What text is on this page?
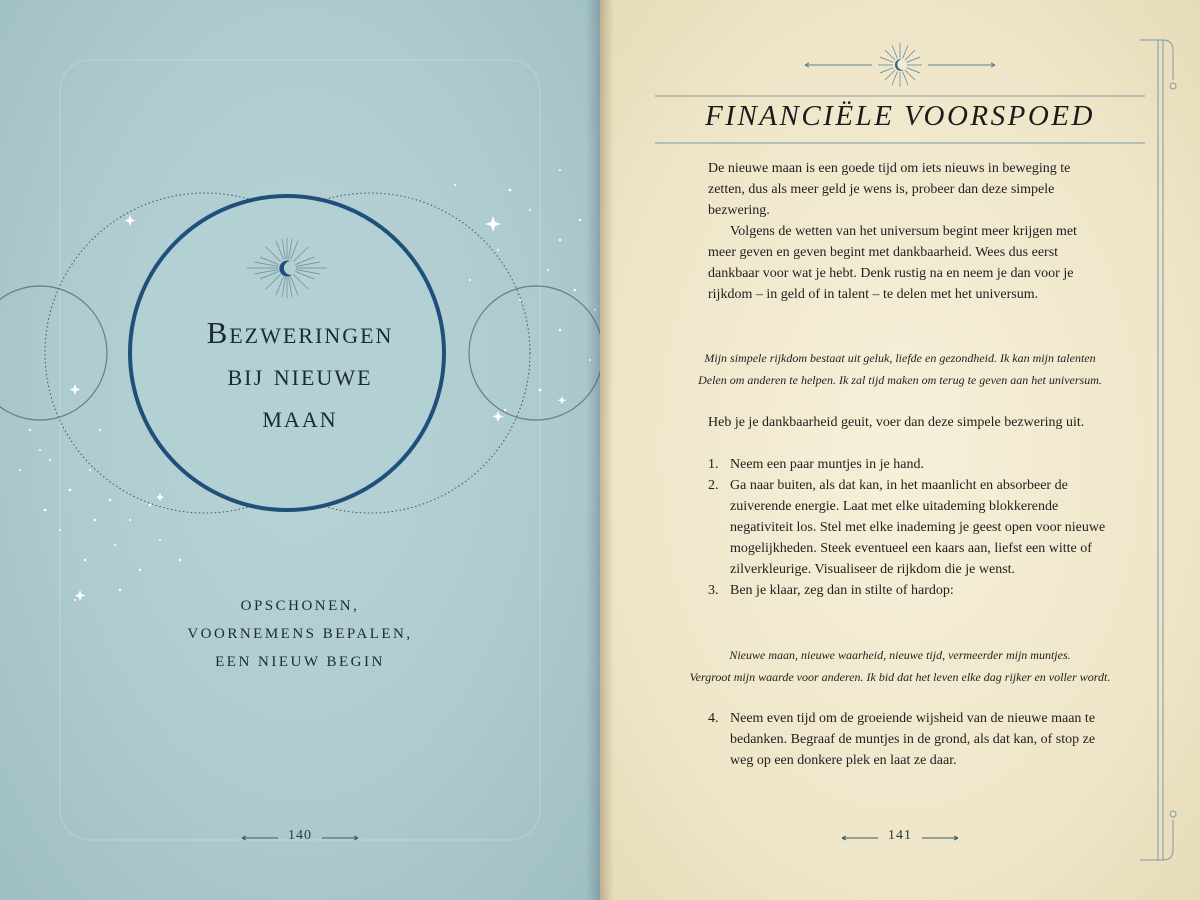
Bezweringen
bij nieuwe
maan
OPSCHONEN,
VOORNEMENS BEPALEN,
EEN NIEUW BEGIN
140
FINANCIËLE VOORSPOED

De nieuwe maan is een goede tijd om iets nieuws in beweging te zetten, dus als meer geld je wens is, probeer dan deze simpele bezwering.

Volgens de wetten van het universum begint meer krijgen met meer geven en geven begint met dankbaarheid. Wees dus eerst dankbaar voor wat je hebt. Denk rustig na en neem je dan voor je rijkdom – in geld of in talent – te delen met het universum.

Mijn simpele rijkdom bestaat uit geluk, liefde en gezondheid. Ik kan mijn talenten
Delen om anderen te helpen. Ik zal tijd maken om terug te geven aan het universum.

Heb je je dankbaarheid geuit, voer dan deze simpele bezwering uit.

1. Neem een paar muntjes in je hand.
2. Ga naar buiten, als dat kan, in het maanlicht en absorbeer de zuiverende energie. Laat met elke uitademing blokkerende negativiteit los. Stel met elke inademing je geest open voor nieuwe mogelijkheden. Steek eventueel een kaars aan, liefst een witte of zilverkleurige. Visualiseer de rijkdom die je wenst.
3. Ben je klaar, zeg dan in stilte of hardop:
Nieuwe maan, nieuwe waarheid, nieuwe tijd, vermeerder mijn muntjes.
Vergroot mijn waarde voor anderen. Ik bid dat het leven elke dag rijker en voller wordt.
4. Neem even tijd om de groeiende wijsheid van de nieuwe maan te bedanken. Begraaf de muntjes in de grond, als dat kan, of stop ze weg op een donkere plek en laat ze daar.
141
